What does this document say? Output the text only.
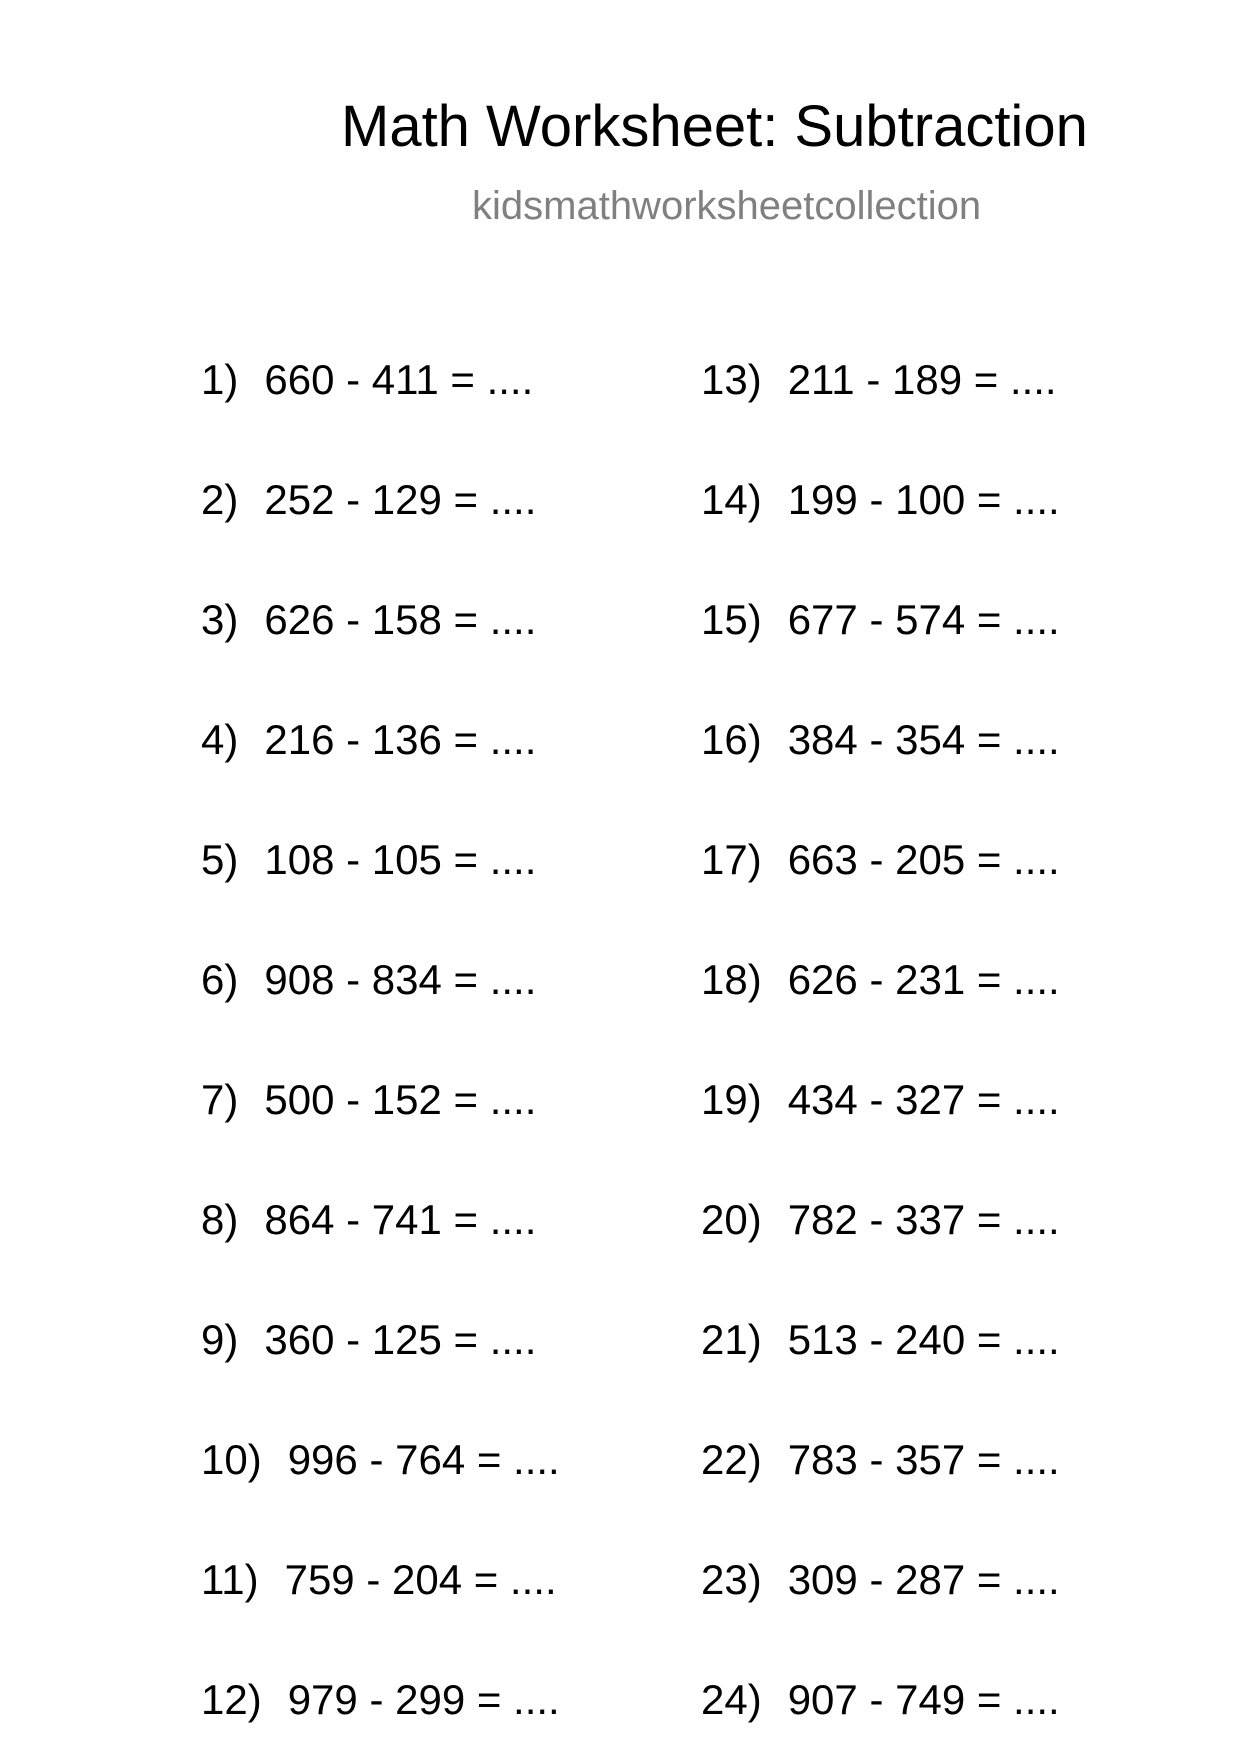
Math Worksheet: Subtraction
kidsmathworksheetcollection
1) 660 - 411 = ....
2) 252 - 129 = ....
3) 626 - 158 = ....
4) 216 - 136 = ....
5) 108 - 105 = ....
6) 908 - 834 = ....
7) 500 - 152 = ....
8) 864 - 741 = ....
9) 360 - 125 = ....
10) 996 - 764 = ....
11) 759 - 204 = ....
12) 979 - 299 = ....
13) 211 - 189 = ....
14) 199 - 100 = ....
15) 677 - 574 = ....
16) 384 - 354 = ....
17) 663 - 205 = ....
18) 626 - 231 = ....
19) 434 - 327 = ....
20) 782 - 337 = ....
21) 513 - 240 = ....
22) 783 - 357 = ....
23) 309 - 287 = ....
24) 907 - 749 = ....
